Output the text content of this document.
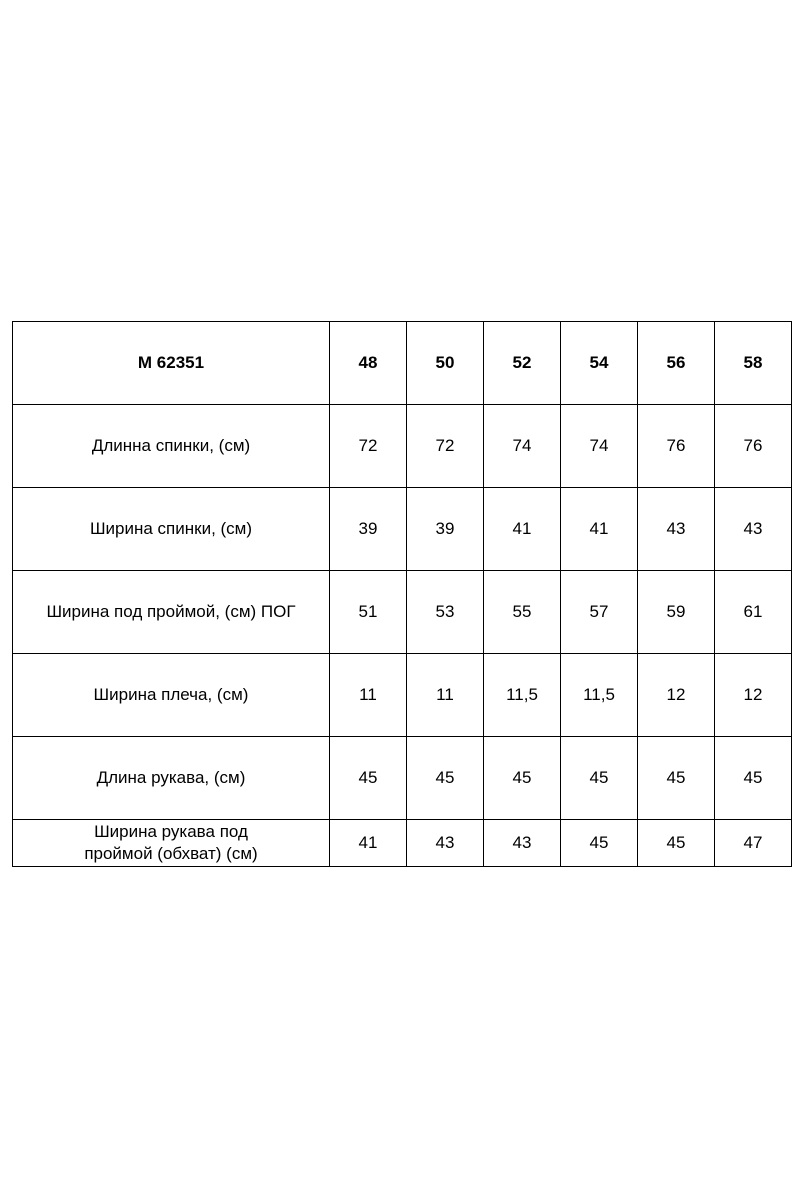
M 62351	48	50	52	54	56	58

Длинна спинки, (см)	72	72	74	74	76	76

Ширина спинки, (см)	39	39	41	41	43	43

Ширина под проймой, (см) ПОГ	51	53	55	57	59	61

Ширина плеча, (см)	11	11	11,5	11,5	12	12

Длина рукава, (см)	45	45	45	45	45	45

Ширина рукава под
проймой (обхват) (см)	41	43	43	45	45	47
